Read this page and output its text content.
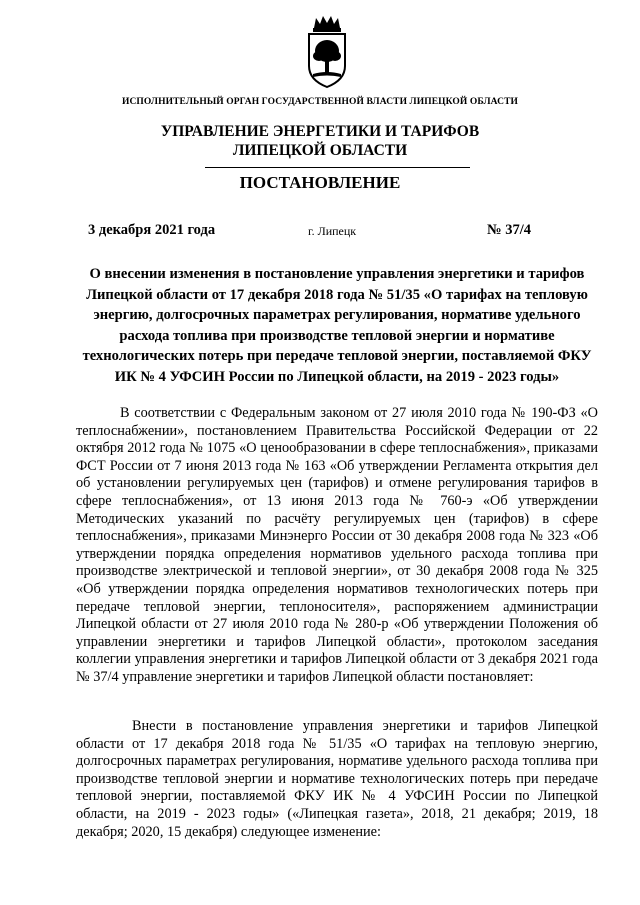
ИСПОЛНИТЕЛЬНЫЙ ОРГАН ГОСУДАРСТВЕННОЙ ВЛАСТИ ЛИПЕЦКОЙ ОБЛАСТИ
УПРАВЛЕНИЕ ЭНЕРГЕТИКИ И ТАРИФОВ
ЛИПЕЦКОЙ ОБЛАСТИ
ПОСТАНОВЛЕНИЕ
3 декабря 2021 года	г. Липецк	№ 37/4
О внесении изменения в постановление управления энергетики и тарифов Липецкой области от 17 декабря 2018 года № 51/35 «О тарифах на тепловую энергию, долгосрочных параметрах регулирования, нормативе удельного расхода топлива при производстве тепловой энергии и нормативе технологических потерь при передаче тепловой энергии, поставляемой ФКУ ИК № 4 УФСИН России по Липецкой области, на 2019 - 2023 годы»
В соответствии с Федеральным законом от 27 июля 2010 года № 190-ФЗ «О теплоснабжении», постановлением Правительства Российской Федерации от 22 октября 2012 года № 1075 «О ценообразовании в сфере теплоснабжения», приказами ФСТ России от 7 июня 2013 года № 163 «Об утверждении Регламента открытия дел об установлении регулируемых цен (тарифов) и отмене регулирования тарифов в сфере теплоснабжения», от 13 июня 2013 года № 760-э «Об утверждении Методических указаний по расчёту регулируемых цен (тарифов) в сфере теплоснабжения», приказами Минэнерго России от 30 декабря 2008 года № 323 «Об утверждении порядка определения нормативов удельного расхода топлива при производстве электрической и тепловой энергии», от 30 декабря 2008 года № 325 «Об утверждении порядка определения нормативов технологических потерь при передаче тепловой энергии, теплоносителя», распоряжением администрации Липецкой области от 27 июля 2010 года № 280-р «Об утверждении Положения об управлении энергетики и тарифов Липецкой области», протоколом заседания коллегии управления энергетики и тарифов Липецкой области от 3 декабря 2021 года № 37/4 управление энергетики и тарифов Липецкой области постановляет:
Внести в постановление управления энергетики и тарифов Липецкой области от 17 декабря 2018 года № 51/35 «О тарифах на тепловую энергию, долгосрочных параметрах регулирования, нормативе удельного расхода топлива при производстве тепловой энергии и нормативе технологических потерь при передаче тепловой энергии, поставляемой ФКУ ИК № 4 УФСИН России по Липецкой области, на 2019 - 2023 годы» («Липецкая газета», 2018, 21 декабря; 2019, 18 декабря; 2020, 15 декабря) следующее изменение:
